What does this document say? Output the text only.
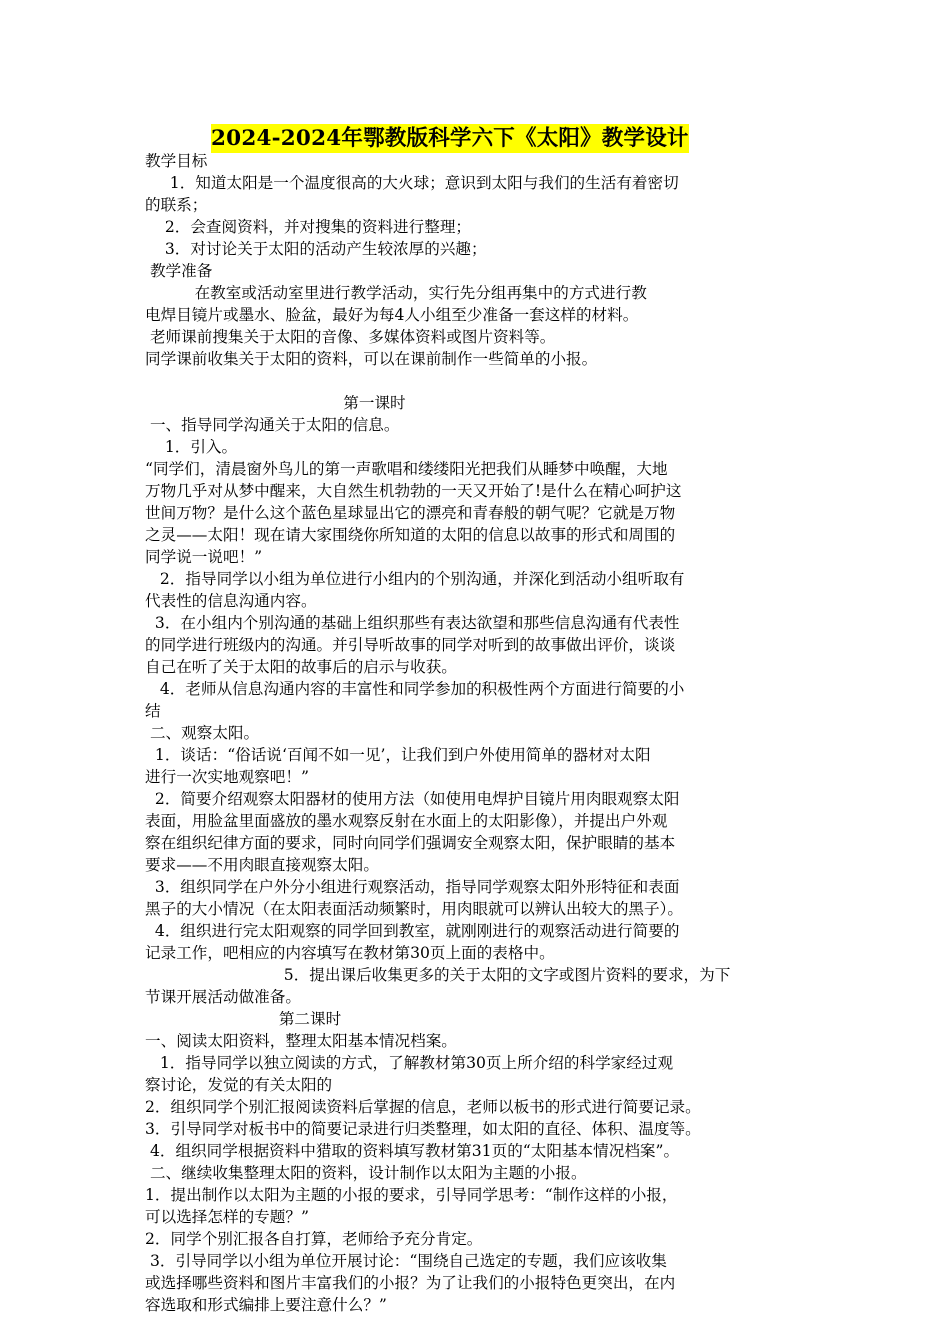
2024-2024年鄂教版科学六下《太阳》教学设计
教学目标
1．知道太阳是一个温度很高的大火球；意识到太阳与我们的生活有着密切
的联系；
2．会查阅资料，并对搜集的资料进行整理；
3．对讨论关于太阳的活动产生较浓厚的兴趣；
教学准备
在教室或活动室里进行教学活动，实行先分组再集中的方式进行教
电焊目镜片或墨水、脸盆，最好为每4人小组至少准备一套这样的材料。
老师课前搜集关于太阳的音像、多媒体资料或图片资料等。
同学课前收集关于太阳的资料，可以在课前制作一些简单的小报。

第一课时
一、指导同学沟通关于太阳的信息。
1．引入。
“同学们，清晨窗外鸟儿的第一声歌唱和缕缕阳光把我们从睡梦中唤醒，大地
万物几乎对从梦中醒来，大自然生机勃勃的一天又开始了!是什么在精心呵护这
世间万物？是什么这个蓝色星球显出它的漂亮和青春般的朝气呢？它就是万物
之灵——太阳！现在请大家围绕你所知道的太阳的信息以故事的形式和周围的
同学说一说吧！”
2．指导同学以小组为单位进行小组内的个别沟通，并深化到活动小组听取有
代表性的信息沟通内容。
3．在小组内个别沟通的基础上组织那些有表达欲望和那些信息沟通有代表性
的同学进行班级内的沟通。并引导听故事的同学对听到的故事做出评价，谈谈
自己在听了关于太阳的故事后的启示与收获。
4．老师从信息沟通内容的丰富性和同学参加的积极性两个方面进行简要的小
结
二、观察太阳。
1．谈话：“俗话说‘百闻不如一见’，让我们到户外使用简单的器材对太阳
进行一次实地观察吧！”
2．简要介绍观察太阳器材的使用方法（如使用电焊护目镜片用肉眼观察太阳
表面，用脸盆里面盛放的墨水观察反射在水面上的太阳影像），并提出户外观
察在组织纪律方面的要求，同时向同学们强调安全观察太阳，保护眼睛的基本
要求——不用肉眼直接观察太阳。
3．组织同学在户外分小组进行观察活动，指导同学观察太阳外形特征和表面
黑子的大小情况（在太阳表面活动频繁时，用肉眼就可以辨认出较大的黑子）。
4．组织进行完太阳观察的同学回到教室，就刚刚进行的观察活动进行简要的
记录工作，吧相应的内容填写在教材第30页上面的表格中。
5．提出课后收集更多的关于太阳的文字或图片资料的要求，为下
节课开展活动做准备。
第二课时
一、阅读太阳资料，整理太阳基本情况档案。
1．指导同学以独立阅读的方式，了解教材第30页上所介绍的科学家经过观
察讨论，发觉的有关太阳的
2．组织同学个别汇报阅读资料后掌握的信息，老师以板书的形式进行简要记录。
3．引导同学对板书中的简要记录进行归类整理，如太阳的直径、体积、温度等。
4．组织同学根据资料中猎取的资料填写教材第31页的“太阳基本情况档案”。
二、继续收集整理太阳的资料，设计制作以太阳为主题的小报。
1．提出制作以太阳为主题的小报的要求，引导同学思考：“制作这样的小报，
可以选择怎样的专题？”
2．同学个别汇报各自打算，老师给予充分肯定。
3．引导同学以小组为单位开展讨论：“围绕自己选定的专题，我们应该收集
或选择哪些资料和图片丰富我们的小报？为了让我们的小报特色更突出，在内
容选取和形式编排上要注意什么？”
